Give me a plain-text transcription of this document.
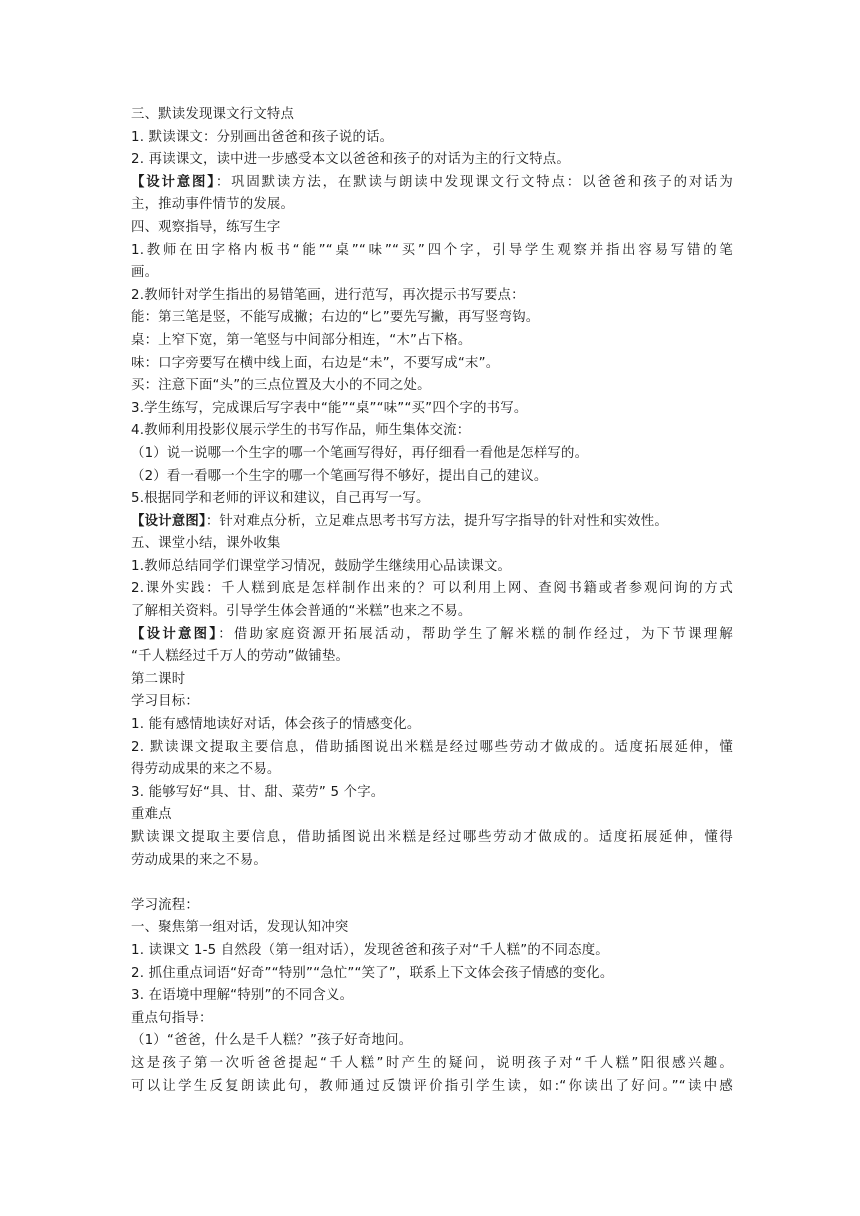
三、默读发现课文行文特点
1. 默读课文：分别画出爸爸和孩子说的话。
2. 再读课文，读中进一步感受本文以爸爸和孩子的对话为主的行文特点。
【设计意图】：巩固默读方法，在默读与朗读中发现课文行文特点：以爸爸和孩子的对话为
主，推动事件情节的发展。
四、观察指导，练写生字
1.教师在田字格内板书“能”“桌”“味”“买”四个字，引导学生观察并指出容易写错的笔
画。
2.教师针对学生指出的易错笔画，进行范写，再次提示书写要点：
能：第三笔是竖，不能写成撇；右边的“匕”要先写撇，再写竖弯钩。
桌：上窄下宽，第一笔竖与中间部分相连，“木”占下格。
味：口字旁要写在横中线上面，右边是“未”，不要写成“末”。
买：注意下面“头”的三点位置及大小的不同之处。
3.学生练写，完成课后写字表中“能”“桌”“味”“买”四个字的书写。
4.教师利用投影仪展示学生的书写作品，师生集体交流：
（1）说一说哪一个生字的哪一个笔画写得好，再仔细看一看他是怎样写的。
（2）看一看哪一个生字的哪一个笔画写得不够好，提出自己的建议。
5.根据同学和老师的评议和建议，自己再写一写。
【设计意图】：针对难点分析，立足难点思考书写方法，提升写字指导的针对性和实效性。
五、课堂小结，课外收集
1.教师总结同学们课堂学习情况，鼓励学生继续用心品读课文。
2.课外实践：千人糕到底是怎样制作出来的？可以利用上网、查阅书籍或者参观问询的方式
了解相关资料。引导学生体会普通的“米糕”也来之不易。
【设计意图】：借助家庭资源开拓展活动，帮助学生了解米糕的制作经过，为下节课理解
“千人糕经过千万人的劳动”做铺垫。
第二课时
学习目标：
1. 能有感情地读好对话，体会孩子的情感变化。
2. 默读课文提取主要信息，借助插图说出米糕是经过哪些劳动才做成的。适度拓展延伸，懂
得劳动成果的来之不易。
3. 能够写好“具、甘、甜、菜劳” 5 个字。
重难点
默读课文提取主要信息，借助插图说出米糕是经过哪些劳动才做成的。适度拓展延伸，懂得
劳动成果的来之不易。
学习流程：
一、聚焦第一组对话，发现认知冲突
1. 读课文 1-5 自然段（第一组对话），发现爸爸和孩子对“千人糕”的不同态度。
2. 抓住重点词语“好奇”“特别”“急忙”“笑了”，联系上下文体会孩子情感的变化。
3. 在语境中理解“特别”的不同含义。
重点句指导：
（1）“爸爸，什么是千人糕？”孩子好奇地问。
这是孩子第一次听爸爸提起“千人糕”时产生的疑问，说明孩子对“千人糕”阳很感兴趣。
可以让学生反复朗读此句，教师通过反馈评价指引学生读，如:“你读出了好问。”“读中感
